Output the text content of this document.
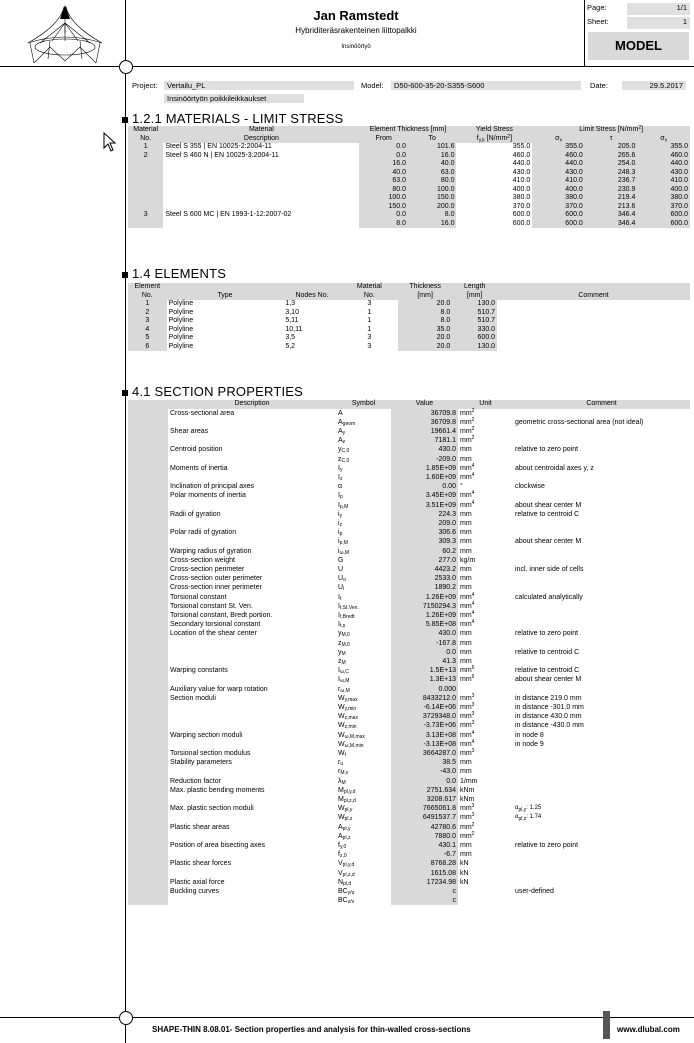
Jan Ramstedt
Hybriditeräsrakenteinen liittopalkki
Insinöörtyö
Page:	1/1
Sheet:	1
MODEL
Project:	Vertailu_PL
Insinöörtyön poikkileikkaukset
Model:	D50-600-35-20-S355-S600	Date:	29.5.2017
1.2.1 MATERIALS - LIMIT STRESS
Material	Material	Element Thickness [mm]		Yield Stress	Limit Stress $[N/mm^2]$		
No.	Description	From	To	fy,k $[N/mm^2]$	σx	τ	σv
1	Steel S 355 | EN 10025-2:2004-11	0.0	101.6	355.0	355.0	205.0	355.0
2	Steel S 460 N | EN 10025-3:2004-11	0.0	16.0	460.0	460.0	265.6	460.0
		16.0	40.0	440.0	440.0	254.0	440.0
		40.0	63.0	430.0	430.0	248.3	430.0
		63.0	80.0	410.0	410.0	236.7	410.0
		80.0	100.0	400.0	400.0	230.9	400.0
		100.0	150.0	380.0	380.0	219.4	380.0
		150.0	200.0	370.0	370.0	213.6	370.0
3	Steel S 600 MC | EN 1993-1-12:2007-02	0.0	8.0	600.0	600.0	346.4	600.0
		8.0	16.0	600.0	600.0	346.4	600.0
1.4 ELEMENTS
Element			Material	Thickness	Length	
No.	Type	Nodes No.	No.	[mm]	[mm]	Comment
1	Polyline	1,3	3	20.0	130.0	
2	Polyline	3,10	1	8.0	510.7	
3	Polyline	5,11	1	8.0	510.7	
4	Polyline	10,11	1	35.0	330.0	
5	Polyline	3,5	3	20.0	600.0	
6	Polyline	5,2	3	20.0	130.0	
4.1 SECTION PROPERTIES
	Description	Symbol	Value	Unit	Comment
	Cross-sectional area	A	36709.8	$mm^2$	
		Ageom	36709.8	$mm^2$	geometric cross-sectional area (not ideal)
	Shear areas	Ay	19661.4	$mm^2$	
		Az	7181.1	$mm^2$	
	Centroid position	yC,0	430.0	mm	relative to zero point
		zC,0	-209.0	mm	
	Moments of inertia	Iy	1.85E+09	$mm^4$	about centroidal axes y, z
		Iz	1.60E+09	$mm^4$	
	Inclination of principal axes	α	0.00	°	clockwise
	Polar moments of inertia	Ip	3.45E+09	$mm^4$	
		Ip,M	3.51E+09	$mm^4$	about shear center M
	Radii of gyration	iy	224.3	mm	relative to centroid C
		iz	209.0	mm	
	Polar radii of gyration	ip	306.6	mm	
		ip,M	309.3	mm	about shear center M
	Warping radius of gyration	iω,M	60.2	mm	
	Cross-section weight	G	277.0	kg/m	
	Cross-section perimeter	U	4423.2	mm	incl. inner side of cells
	Cross-section outer perimeter	Uo	2533.0	mm	
	Cross-section inner perimeter	Ui	1890.2	mm	
	Torsional constant	It	1.26E+09	$mm^4$	calculated analytically
	Torsional constant St. Ven.	It,St.Ven.	7150294.3	$mm^4$	
	Torsional constant, Bredt portion.	It,Bredt	1.26E+09	$mm^4$	
	Secondary torsional constant	It,s	5.85E+08	$mm^4$	
	Location of the shear center	yM,0	430.0	mm	relative to zero point
		zM,0	-167.8	mm	
		yM	0.0	mm	relative to centroid C
		zM	41.3	mm	
	Warping constants	Iω,C	1.5E+13	$mm^6$	relative to centroid C
		Iω,M	1.3E+13	$mm^6$	about shear center M
	Auxiliary value for warp rotation	rω,M	0.000		
	Section moduli	Wy,max	8433212.0	$mm^3$	in distance 219.0 mm
		Wy,min	-6.14E+06	$mm^3$	in distance -301.0 mm
		Wz,max	3729348.0	$mm^3$	in distance 430.0 mm
		Wz,min	-3.73E+06	$mm^3$	in distance -430.0 mm
	Warping section moduli	Wω,M,max	3.13E+08	$mm^4$	in node 8
		Wω,M,min	-3.13E+08	$mm^4$	in node 9
	Torsional section modulus	Wt	3664287.0	$mm^3$	
	Stability parameters	ru	38.5	mm	
		rM,v	-43.0	mm	
	Reduction factor	λM	0.0	1/mm	
	Max. plastic bending moments	Mpl,y,d	2751.634	kNm	
		Mpl,z,d	3208.617	kNm	
	Max. plastic section moduli	Wpl,y	7665061.8	$mm^3$	αpl,y: 1.25
		Wpl,z	6491537.7	$mm^3$	αpl,z: 1.74
	Plastic shear areas	Apl,y	42780.6	$mm^2$	
		Apl,z	7880.0	$mm^2$	
	Position of area bisecting axes	fy,0	430.1	mm	relative to zero point
		fz,0	-6.7	mm	
	Plastic shear forces	Vpl,y,d	8768.28	kN	
		Vpl,z,d	1615.08	kN	
	Plastic axial force	Npl,d	17234.98	kN	
	Buckling curves	BCy/u	c		user-defined
		BCz/v	c		
SHAPE-THIN 8.08.01- Section properties and analysis for thin-walled cross-sections	www.dlubal.com
